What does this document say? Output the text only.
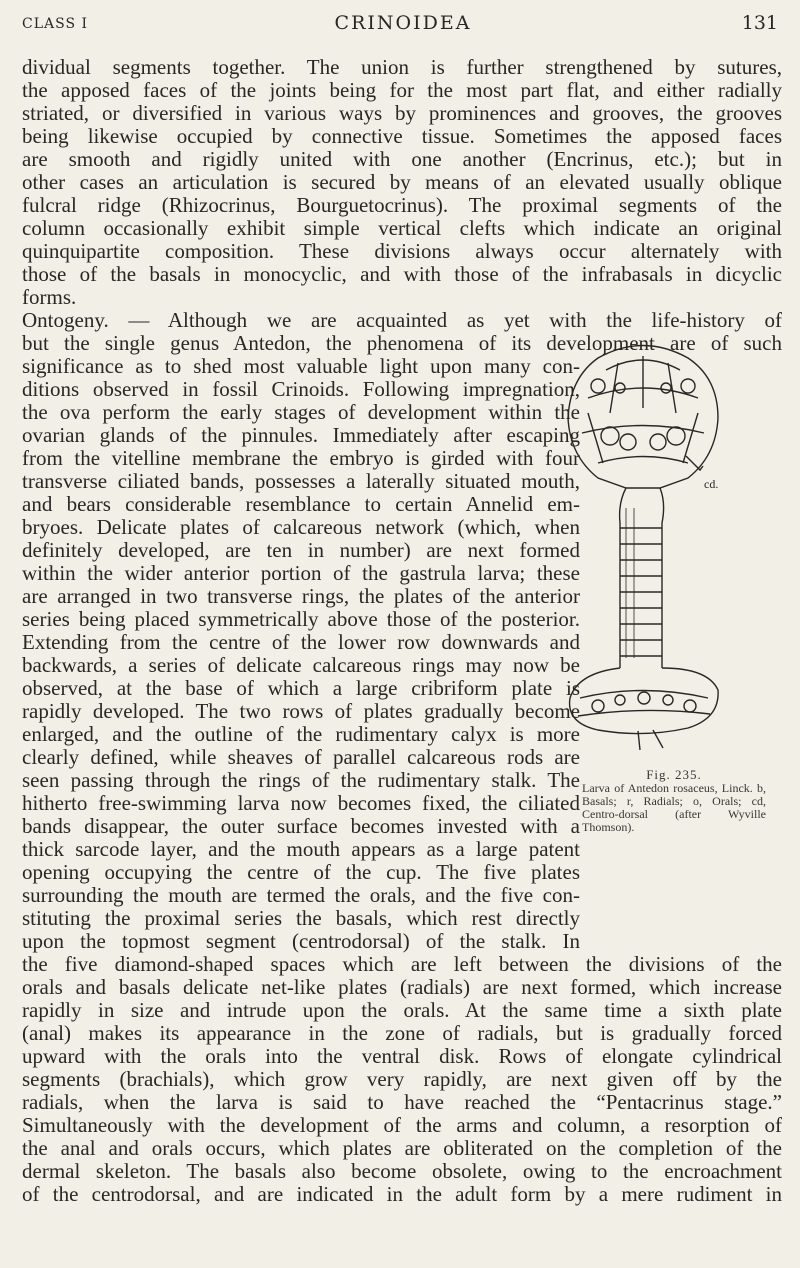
CLASS I	CRINOIDEA	131
dividual segments together. The union is further strengthened by sutures,
the apposed faces of the joints being for the most part flat, and either radially
striated, or diversified in various ways by prominences and grooves, the grooves
being likewise occupied by connective tissue. Sometimes the apposed faces
are smooth and rigidly united with one another (Encrinus, etc.); but in
other cases an articulation is secured by means of an elevated usually oblique
fulcral ridge (Rhizocrinus, Bourguetocrinus). The proximal segments of the
column occasionally exhibit simple vertical clefts which indicate an original
quinquipartite composition. These divisions always occur alternately with
those of the basals in monocyclic, and with those of the infrabasals in dicyclic
forms.
Ontogeny. — Although we are acquainted as yet with the life-history of
but the single genus Antedon, the phenomena of its development are of such
significance as to shed most valuable light upon many con-
ditions observed in fossil Crinoids. Following impregnation,
the ova perform the early stages of development within the
ovarian glands of the pinnules. Immediately after escaping
from the vitelline membrane the embryo is girded with four
transverse ciliated bands, possesses a laterally situated mouth,
and bears considerable resemblance to certain Annelid em-
bryoes. Delicate plates of calcareous network (which, when
definitely developed, are ten in number) are next formed
within the wider anterior portion of the gastrula larva; these
are arranged in two transverse rings, the plates of the anterior
series being placed symmetrically above those of the posterior.
Extending from the centre of the lower row downwards and
backwards, a series of delicate calcareous rings may now be
observed, at the base of which a large cribriform plate is
rapidly developed. The two rows of plates gradually become
enlarged, and the outline of the rudimentary calyx is more
clearly defined, while sheaves of parallel calcareous rods are
seen passing through the rings of the rudimentary stalk. The
hitherto free-swimming larva now becomes fixed, the ciliated
bands disappear, the outer surface becomes invested with a
thick sarcode layer, and the mouth appears as a large patent
opening occupying the centre of the cup. The five plates
surrounding the mouth are termed the orals, and the five con-
stituting the proximal series the basals, which rest directly
upon the topmost segment (centrodorsal) of the stalk. In
the five diamond-shaped spaces which are left between the divisions of the
orals and basals delicate net-like plates (radials) are next formed, which increase
rapidly in size and intrude upon the orals. At the same time a sixth plate
(anal) makes its appearance in the zone of radials, but is gradually forced
upward with the orals into the ventral disk. Rows of elongate cylindrical
segments (brachials), which grow very rapidly, are next given off by the
radials, when the larva is said to have reached the “Pentacrinus stage.”
Simultaneously with the development of the arms and column, a resorption of
the anal and orals occurs, which plates are obliterated on the completion of the
dermal skeleton. The basals also become obsolete, owing to the encroachment
of the centrodorsal, and are indicated in the adult form by a mere rudiment in
cd.
Fig. 235.
Larva of Antedon rosaceus, Linck. b, Basals; r, Radials; o, Orals; cd, Centro-dorsal (after Wyville Thomson).
